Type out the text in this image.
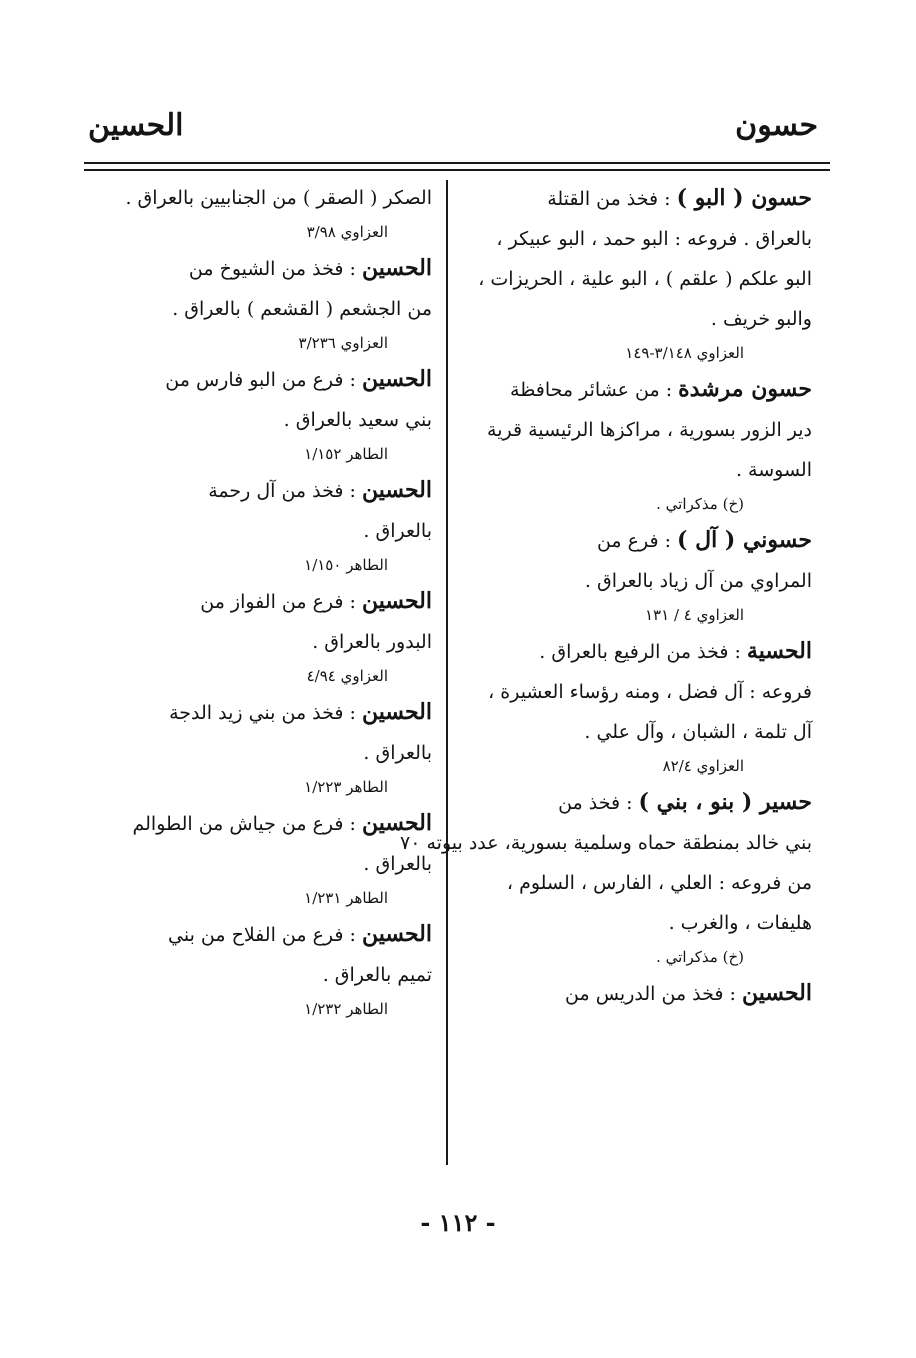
حسون
الحسين
حسون ( البو ) : فخذ من القتلة
بالعراق . فروعه : البو حمد ، البو عبيكر ،
البو علكم ( علقم ) ، البو علية ، الحريزات ،
والبو خريف .
العزاوي ٣/١٤٨-١٤٩
حسون مرشدة : من عشائر محافظة
دير الزور بسورية ، مراكزها الرئيسية قرية
السوسة .
(خ) مذكراتي .
حسوني ( آل ) : فرع من
المراوي من آل زياد بالعراق .
العزاوي ٤ / ١٣١
الحسية : فخذ من الرفيع بالعراق .
فروعه : آل فضل ، ومنه رؤساء العشيرة ،
آل تلمة ، الشبان ، وآل علي .
العزاوي ٨٢/٤
حسير ( بنو ، بني ) : فخذ من
بني خالد بمنطقة حماه وسلمية بسورية، عدد بيوته ٧٠
من فروعه : العلي ، الفارس ، السلوم ،
هليفات ، والغرب .
(خ) مذكراتي .
الحسين : فخذ من الدريس من
الصكر ( الصقر ) من الجنابيين بالعراق .
العزاوي ٣/٩٨
الحسين : فخذ من الشيوخ من
من الجشعم ( القشعم ) بالعراق .
العزاوي ٣/٢٣٦
الحسين : فرع من البو فارس من
بني سعيد بالعراق .
الطاهر ١/١٥٢
الحسين : فخذ من آل رحمة
بالعراق .
الطاهر ١/١٥٠
الحسين : فرع من الفواز من
البدور بالعراق .
العزاوي ٤/٩٤
الحسين : فخذ من بني زيد الدجة
بالعراق .
الطاهر ١/٢٢٣
الحسين : فرع من جياش من الطوالم
بالعراق .
الطاهر ١/٢٣١
الحسين : فرع من الفلاح من بني
تميم بالعراق .
الطاهر ١/٢٣٢
- ١١٢ -
